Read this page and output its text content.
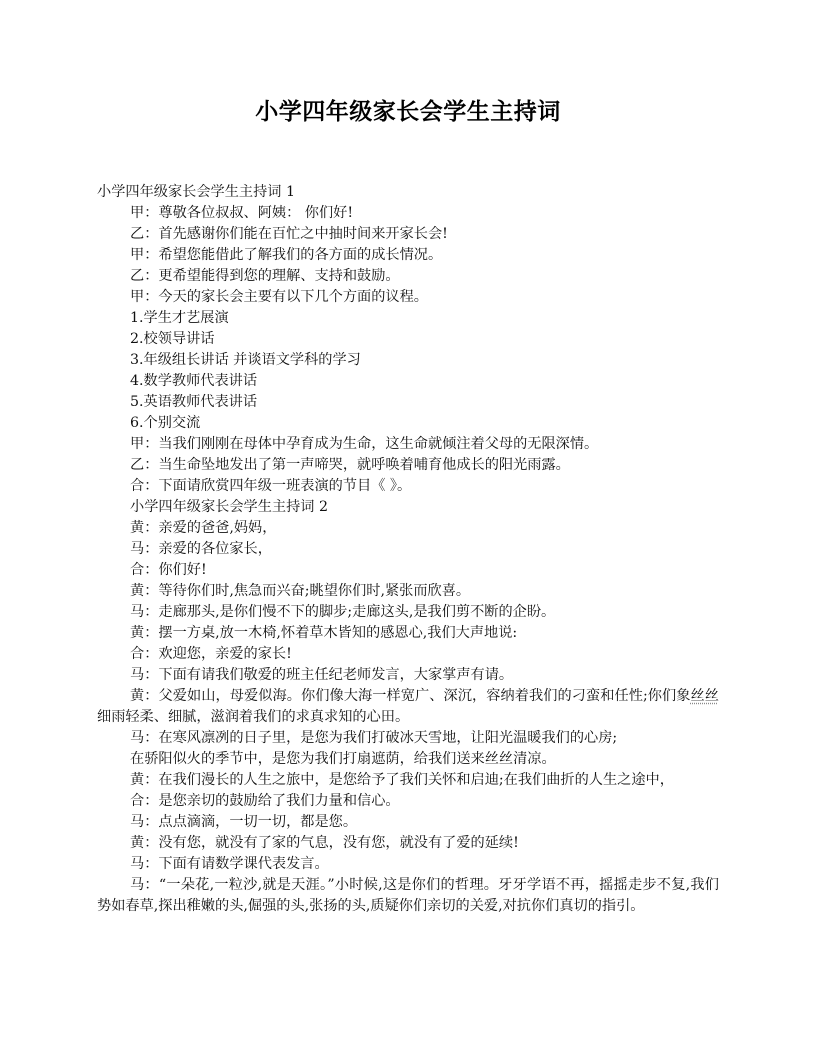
小学四年级家长会学生主持词

小学四年级家长会学生主持词 1

甲：尊敬各位叔叔、阿姨： 你们好!

乙：首先感谢你们能在百忙之中抽时间来开家长会!

甲：希望您能借此了解我们的各方面的成长情况。

乙：更希望能得到您的理解、支持和鼓励。

甲：今天的家长会主要有以下几个方面的议程。

1.学生才艺展演

2.校领导讲话

3.年级组长讲话 并谈语文学科的学习

4.数学教师代表讲话

5.英语教师代表讲话

6.个别交流

甲：当我们刚刚在母体中孕育成为生命，这生命就倾注着父母的无限深情。

乙：当生命坠地发出了第一声啼哭，就呼唤着哺育他成长的阳光雨露。

合：下面请欣赏四年级一班表演的节目《 》。

小学四年级家长会学生主持词 2

黄：亲爱的爸爸,妈妈，

马：亲爱的各位家长，

合：你们好!

黄：等待你们时,焦急而兴奋;眺望你们时,紧张而欣喜。

马：走廊那头,是你们慢不下的脚步;走廊这头,是我们剪不断的企盼。

黄：摆一方桌,放一木椅,怀着草木皆知的感恩心,我们大声地说:

合：欢迎您，亲爱的家长!

马：下面有请我们敬爱的班主任纪老师发言，大家掌声有请。

黄：父爱如山，母爱似海。你们像大海一样宽广、深沉，容纳着我们的刁蛮和任性;你们象丝丝细雨轻柔、细腻，滋润着我们的求真求知的心田。

马：在寒风凛冽的日子里，是您为我们打破冰天雪地，让阳光温暖我们的心房;

在骄阳似火的季节中，是您为我们打扇遮荫，给我们送来丝丝清凉。

黄：在我们漫长的人生之旅中，是您给予了我们关怀和启迪;在我们曲折的人生之途中，

合：是您亲切的鼓励给了我们力量和信心。

马：点点滴滴，一切一切，都是您。

黄：没有您，就没有了家的气息，没有您，就没有了爱的延续!

马：下面有请数学课代表发言。

马：“一朵花,一粒沙,就是天涯。”小时候,这是你们的哲理。牙牙学语不再，摇摇走步不复,我们势如春草,探出稚嫩的头,倔强的头,张扬的头,质疑你们亲切的关爱,对抗你们真切的指引。
